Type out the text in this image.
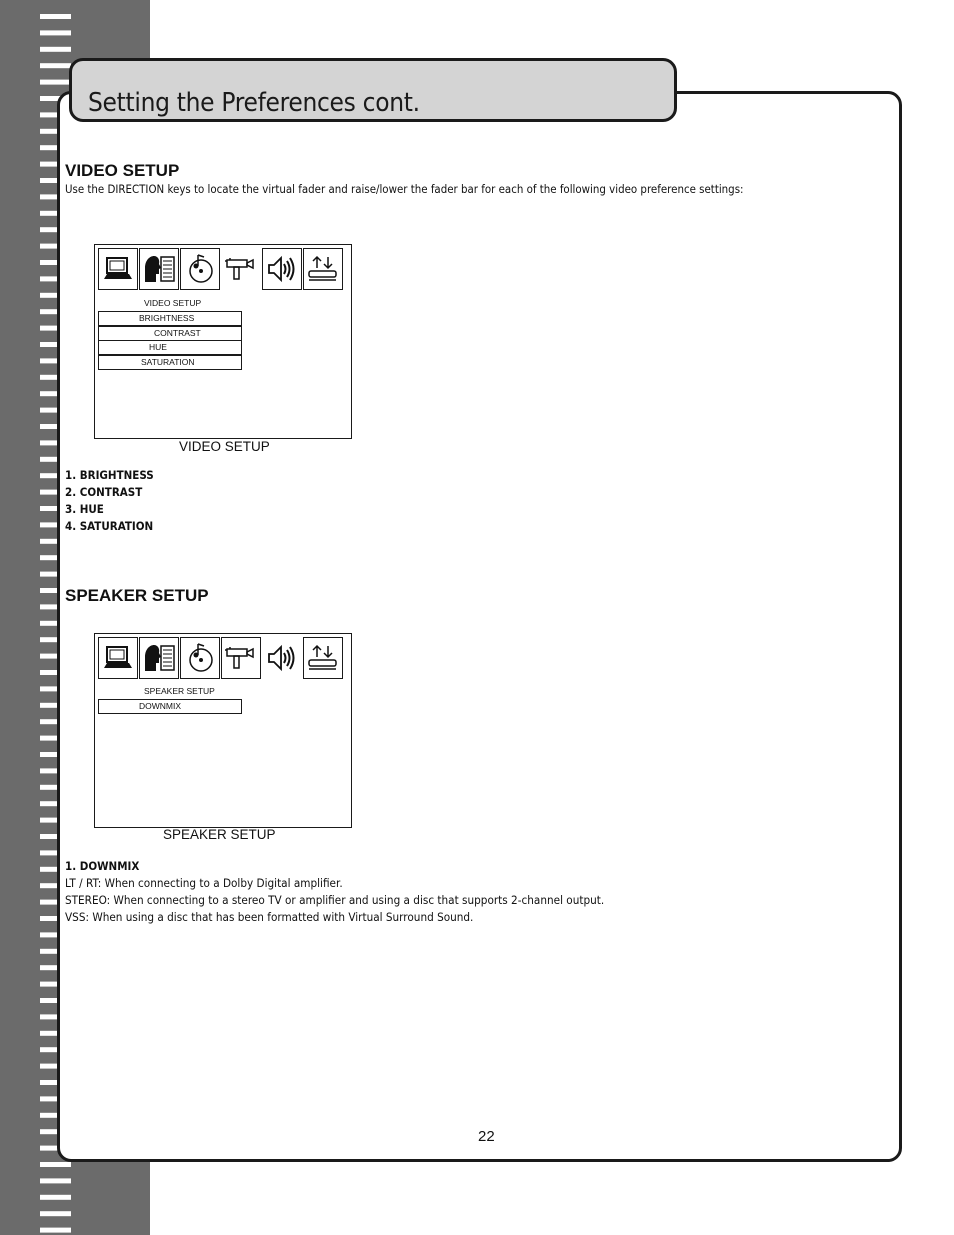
Setting the Preferences cont.
VIDEO SETUP
Use the DIRECTION keys to locate the virtual fader and raise/lower the fader bar for each of the following video preference settings:
VIDEO SETUP
BRIGHTNESS
CONTRAST
HUE
SATURATION
VIDEO SETUP
1. BRIGHTNESS
2. CONTRAST
3. HUE
4. SATURATION
SPEAKER SETUP
SPEAKER SETUP
DOWNMIX
SPEAKER SETUP
1. DOWNMIX
LT / RT: When connecting to a Dolby Digital amplifier.
STEREO: When connecting to a stereo TV or amplifier and using a disc that supports 2-channel output.
VSS: When using a disc that has been formatted with Virtual Surround Sound.
22
